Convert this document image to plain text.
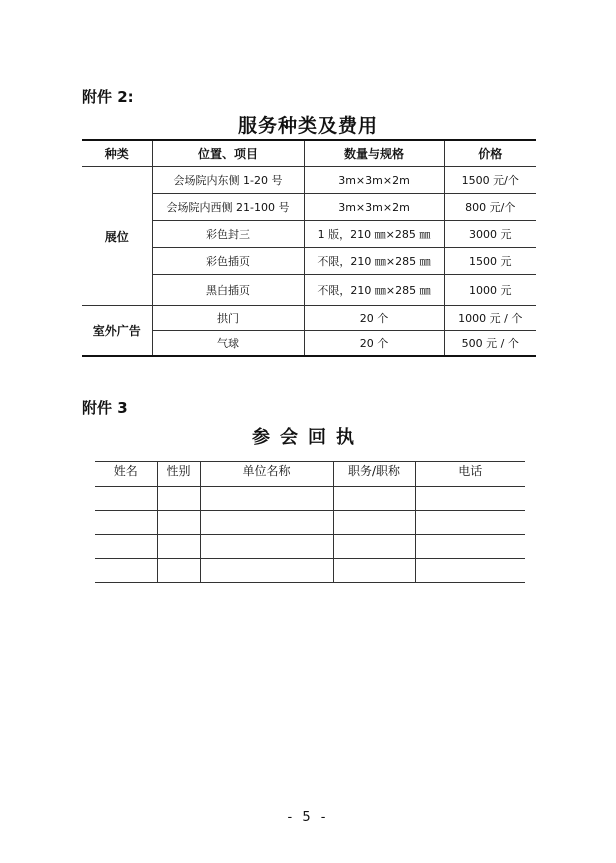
附件 2:
服务种类及费用
种类	位置、项目	数量与规格	价格
展位	会场院内东侧 1-20 号	3m×3m×2m	1500 元/个
	会场院内西侧 21-100 号	3m×3m×2m	800 元/个
	彩色封三	1 版，210 ㎜×285 ㎜	3000 元
	彩色插页	不限，210 ㎜×285 ㎜	1500 元
	黑白插页	不限，210 ㎜×285 ㎜	1000 元
室外广告	拱门	20 个	1000 元 / 个
	气球	20 个	500 元 / 个
附件 3
参会回执
姓名	性别	单位名称	职务/职称	电话

- 5 -
